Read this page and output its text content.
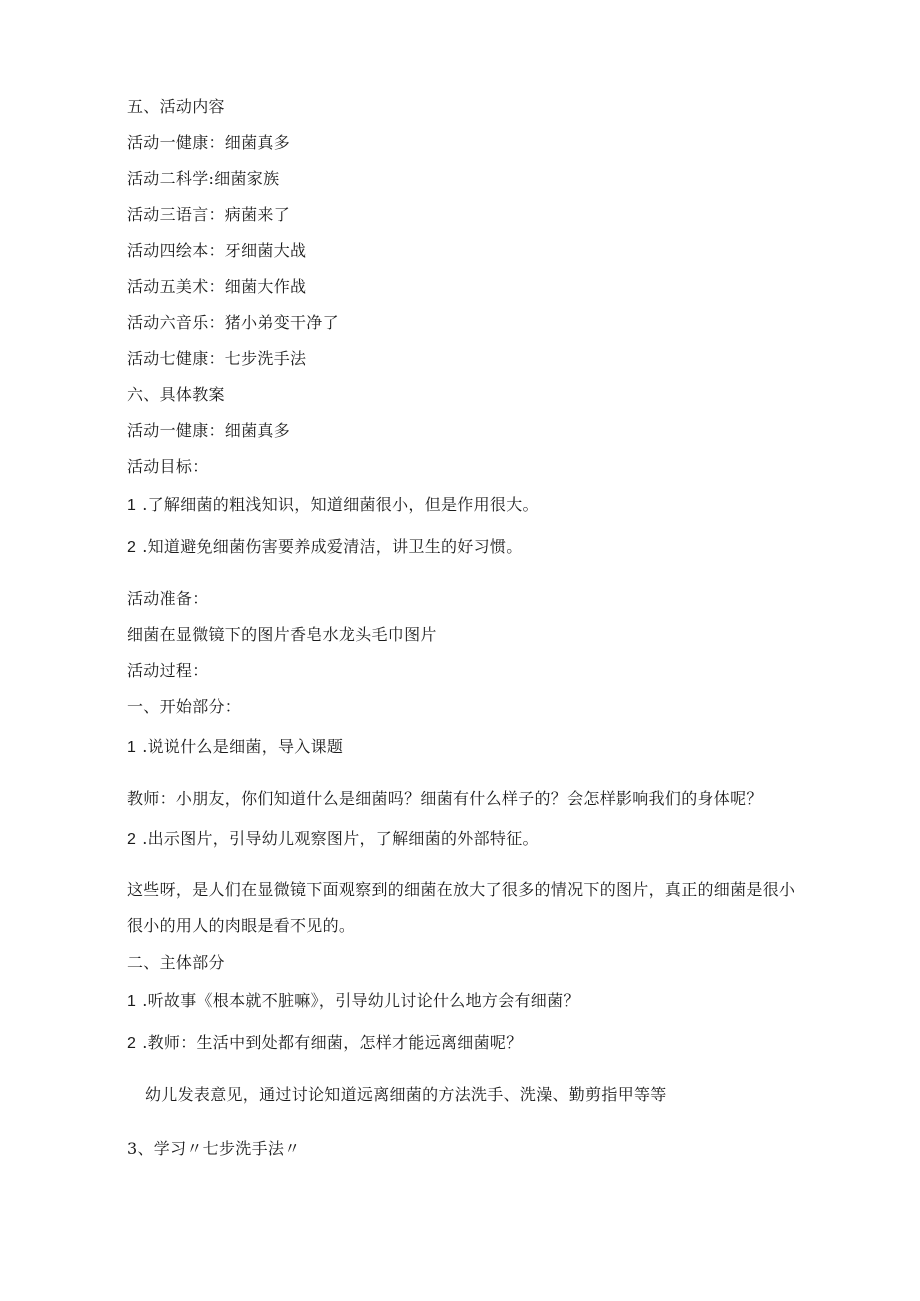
五、活动内容
活动一健康：细菌真多
活动二科学:细菌家族
活动三语言：病菌来了
活动四绘本：牙细菌大战
活动五美术：细菌大作战
活动六音乐：猪小弟变干净了
活动七健康：七步洗手法
六、具体教案
活动一健康：细菌真多
活动目标：
1 .了解细菌的粗浅知识，知道细菌很小，但是作用很大。
2 .知道避免细菌伤害要养成爱清洁，讲卫生的好习惯。
活动准备：
细菌在显微镜下的图片香皂水龙头毛巾图片
活动过程：
一、开始部分：
1 .说说什么是细菌，导入课题
教师：小朋友，你们知道什么是细菌吗？细菌有什么样子的？会怎样影响我们的身体呢？
2 .出示图片，引导幼儿观察图片，了解细菌的外部特征。
这些呀，是人们在显微镜下面观察到的细菌在放大了很多的情况下的图片，真正的细菌是很小很小的用人的肉眼是看不见的。
二、主体部分
1 .听故事《根本就不脏嘛》，引导幼儿讨论什么地方会有细菌？
2 .教师：生活中到处都有细菌，怎样才能远离细菌呢？
幼儿发表意见，通过讨论知道远离细菌的方法洗手、洗澡、勤剪指甲等等
3、学习〃七步洗手法〃
